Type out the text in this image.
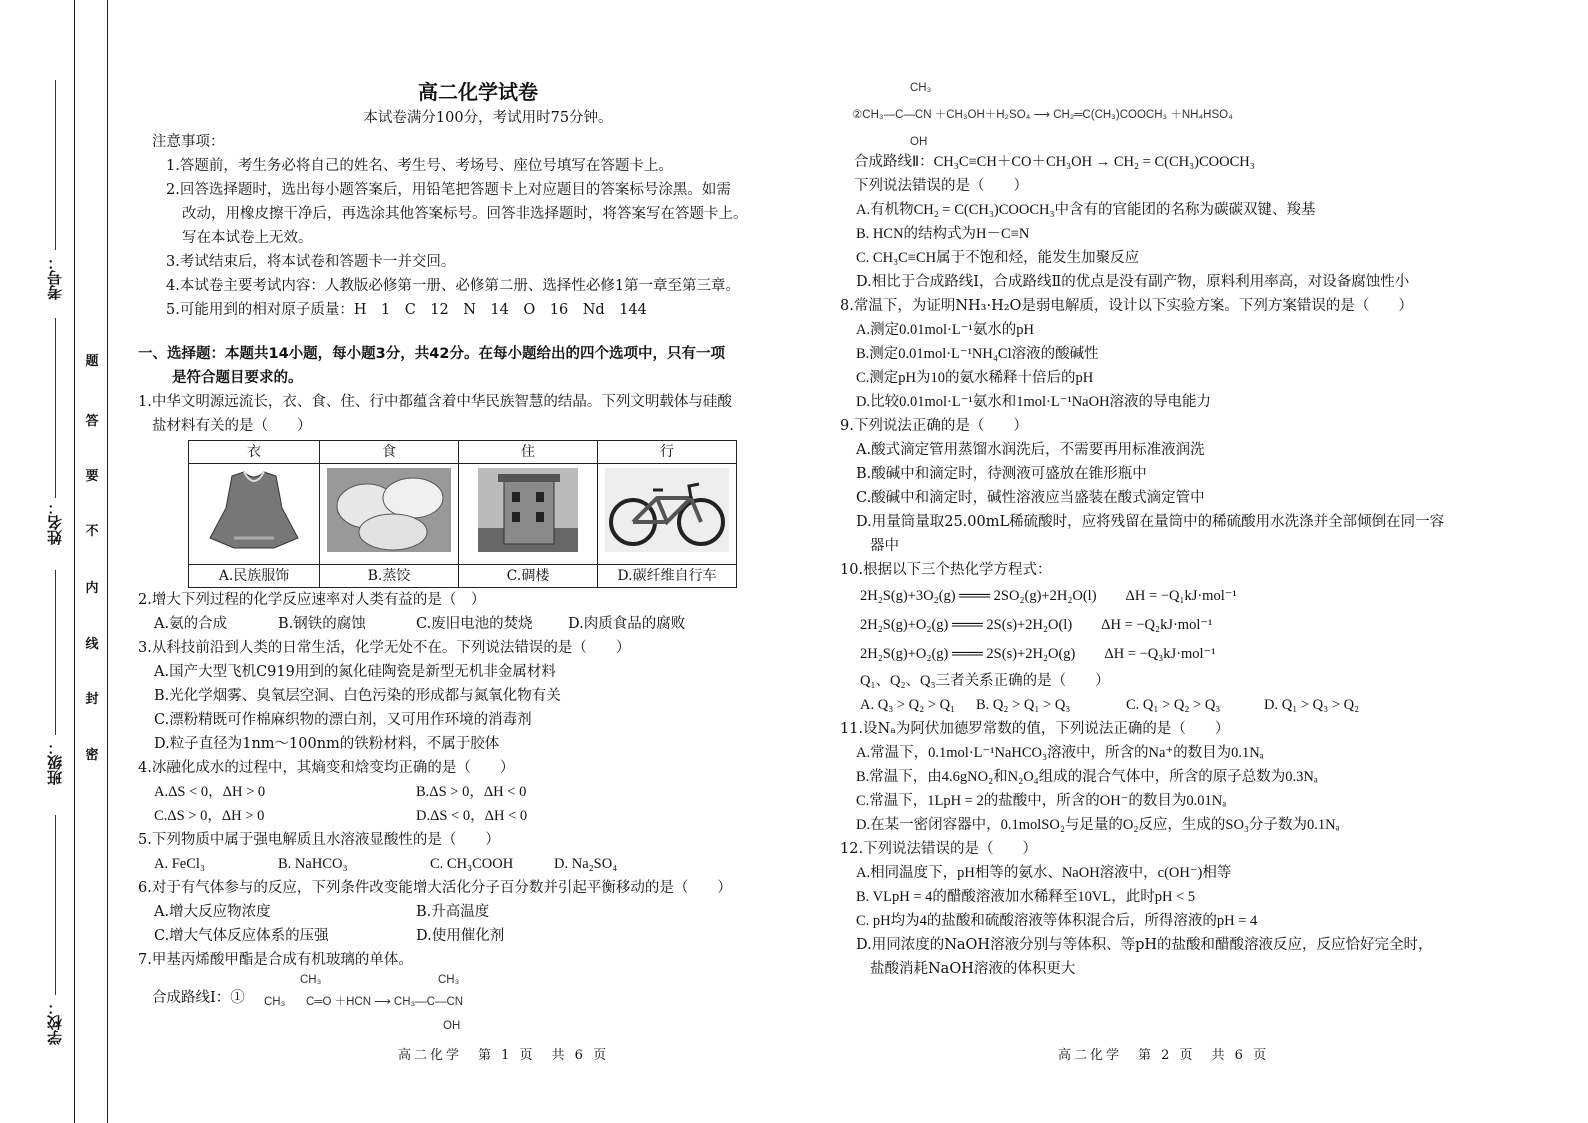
考号：
姓名：
班级：
学校：
题
答
要
不
内
线
封
密
高二化学试卷
本试卷满分100分，考试用时75分钟。
注意事项：
1.答题前，考生务必将自己的姓名、考生号、考场号、座位号填写在答题卡上。
2.回答选择题时，选出每小题答案后，用铅笔把答题卡上对应题目的答案标号涂黑。如需
改动，用橡皮擦干净后，再选涂其他答案标号。回答非选择题时，将答案写在答题卡上。
写在本试卷上无效。
3.考试结束后，将本试卷和答题卡一并交回。
4.本试卷主要考试内容：人教版必修第一册、必修第二册、选择性必修1第一章至第三章。
5.可能用到的相对原子质量：H　1　C　12　N　14　O　16　Nd　144
一、选择题：本题共14小题，每小题3分，共42分。在每小题给出的四个选项中，只有一项
是符合题目要求的。
1.中华文明源远流长，衣、食、住、行中都蕴含着中华民族智慧的结晶。下列文明载体与硅酸
盐材料有关的是（　　）
衣	食	住	行

A.民族服饰	B.蒸饺	C.碉楼	D.碳纤维自行车
2.增大下列过程的化学反应速率对人类有益的是（　）
A.氨的合成	B.钢铁的腐蚀	C.废旧电池的焚烧	D.肉质食品的腐败
3.从科技前沿到人类的日常生活，化学无处不在。下列说法错误的是（　　）
A.国产大型飞机C919用到的氮化硅陶瓷是新型无机非金属材料
B.光化学烟雾、臭氧层空洞、白色污染的形成都与氮氧化物有关
C.漂粉精既可作棉麻织物的漂白剂，又可用作环境的消毒剂
D.粒子直径为1nm～100nm的铁粉材料，不属于胶体
4.冰融化成水的过程中，其熵变和焓变均正确的是（　　）
A.ΔS < 0，ΔH > 0	B.ΔS > 0，ΔH < 0
C.ΔS > 0，ΔH > 0	D.ΔS < 0，ΔH < 0
5.下列物质中属于强电解质且水溶液显酸性的是（　　）
A. FeCl₃	B. NaHCO₃	C. CH₃COOH	D. Na₂SO₄
6.对于有气体参与的反应，下列条件改变能增大活化分子百分数并引起平衡移动的是（　　）
A.增大反应物浓度	B.升高温度
C.增大气体反应体系的压强	D.使用催化剂
7.甲基丙烯酸甲酯是合成有机玻璃的单体。
CH₃	CH₃
合成路线Ⅰ：① CH₃ C═O ＋HCN ⟶ CH₃—C—CN
OH
高二化学　第 1 页　共 6 页
CH₃
②CH₃—C—CN ＋CH₃OH＋H₂SO₄ ⟶ CH₂═C(CH₃)COOCH₃ ＋NH₄HSO₄
OH
合成路线Ⅱ：CH₃C≡CH＋CO＋CH₃OH → CH₂ = C(CH₃)COOCH₃
下列说法错误的是（　　）
A.有机物CH₂ = C(CH₃)COOCH₃中含有的官能团的名称为碳碳双键、羧基
B. HCN的结构式为H－C≡N
C. CH₃C≡CH属于不饱和烃，能发生加聚反应
D.相比于合成路线Ⅰ，合成路线Ⅱ的优点是没有副产物，原料利用率高，对设备腐蚀性小
8.常温下，为证明NH₃·H₂O是弱电解质，设计以下实验方案。下列方案错误的是（　　）
A.测定0.01mol·L⁻¹氨水的pH
B.测定0.01mol·L⁻¹NH₄Cl溶液的酸碱性
C.测定pH为10的氨水稀释十倍后的pH
D.比较0.01mol·L⁻¹氨水和1mol·L⁻¹NaOH溶液的导电能力
9.下列说法正确的是（　　）
A.酸式滴定管用蒸馏水润洗后，不需要再用标准液润洗
B.酸碱中和滴定时，待测液可盛放在锥形瓶中
C.酸碱中和滴定时，碱性溶液应当盛装在酸式滴定管中
D.用量筒量取25.00mL稀硫酸时，应将残留在量筒中的稀硫酸用水洗涤并全部倾倒在同一容
器中
10.根据以下三个热化学方程式：
2H₂S(g)+3O₂(g) ═══ 2SO₂(g)+2H₂O(l)　　ΔH = −Q₁kJ·mol⁻¹
2H₂S(g)+O₂(g) ═══ 2S(s)+2H₂O(l)　　ΔH = −Q₂kJ·mol⁻¹
2H₂S(g)+O₂(g) ═══ 2S(s)+2H₂O(g)　　ΔH = −Q₃kJ·mol⁻¹
Q₁、Q₂、Q₃三者关系正确的是（　　）
A. Q₃ > Q₂ > Q₁	B. Q₂ > Q₁ > Q₃	C. Q₁ > Q₂ > Q₃	D. Q₁ > Q₃ > Q₂
11.设Nₐ为阿伏加德罗常数的值，下列说法正确的是（　　）
A.常温下，0.1mol·L⁻¹NaHCO₃溶液中，所含的Na⁺的数目为0.1Nₐ
B.常温下，由4.6gNO₂和N₂O₄组成的混合气体中，所含的原子总数为0.3Nₐ
C.常温下，1LpH = 2的盐酸中，所含的OH⁻的数目为0.01Nₐ
D.在某一密闭容器中，0.1molSO₂与足量的O₂反应，生成的SO₃分子数为0.1Nₐ
12.下列说法错误的是（　　）
A.相同温度下，pH相等的氨水、NaOH溶液中，c(OH⁻)相等
B. VLpH = 4的醋酸溶液加水稀释至10VL，此时pH < 5
C. pH均为4的盐酸和硫酸溶液等体积混合后，所得溶液的pH = 4
D.用同浓度的NaOH溶液分别与等体积、等pH的盐酸和醋酸溶液反应，反应恰好完全时，
盐酸消耗NaOH溶液的体积更大
高二化学　第 2 页　共 6 页
